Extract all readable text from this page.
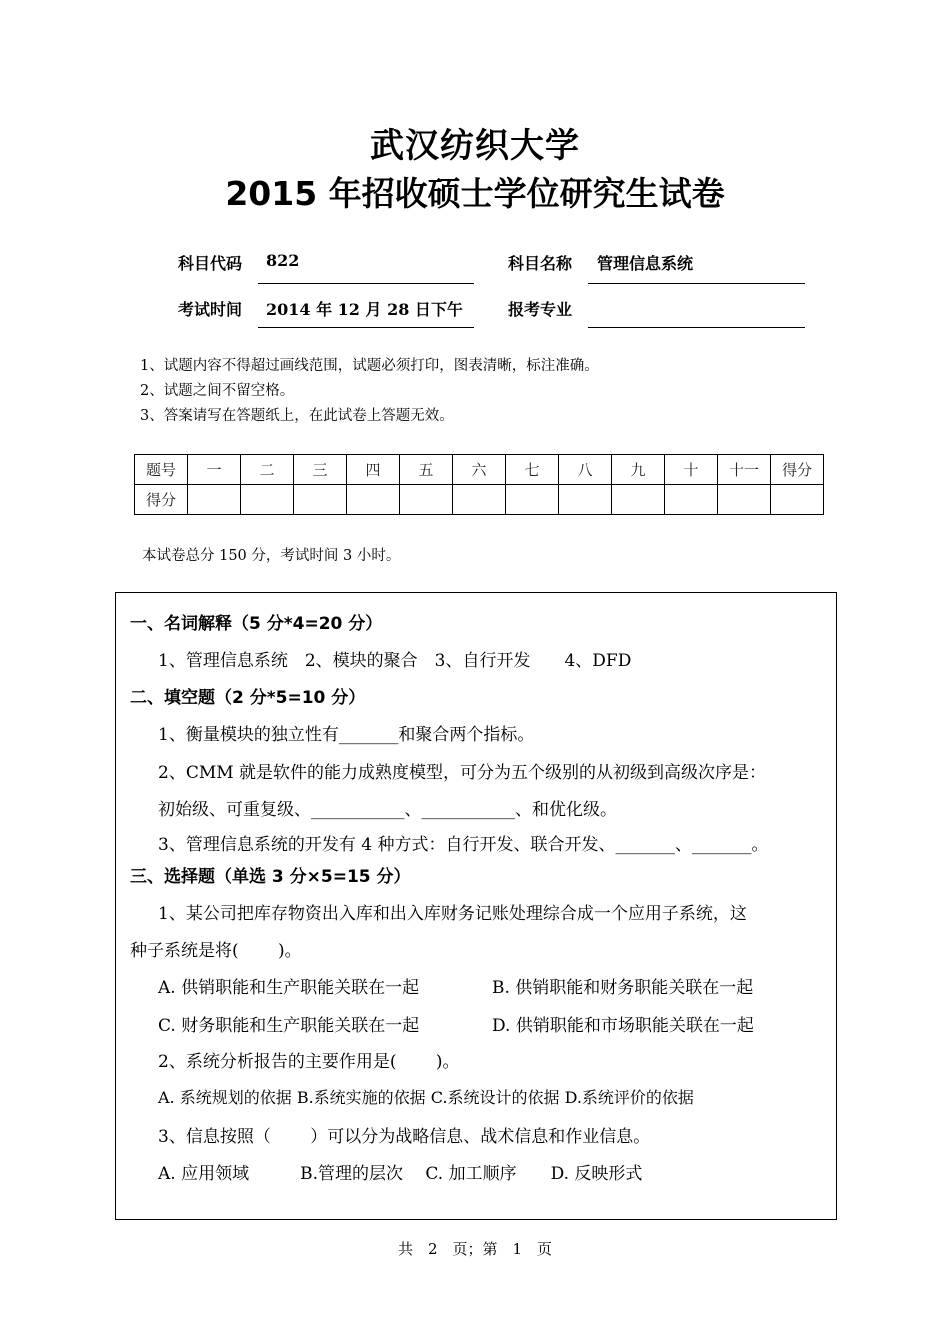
武汉纺织大学
2015 年招收硕士学位研究生试卷
科目代码 822	科目名称 管理信息系统
考试时间 2014 年 12 月 28 日下午	报考专业
1、试题内容不得超过画线范围，试题必须打印，图表清晰，标注准确。
2、试题之间不留空格。
3、答案请写在答题纸上，在此试卷上答题无效。
题号	一	二	三	四	五	六	七	八	九	十	十一	得分
得分												
本试卷总分 150 分，考试时间 3 小时。
一、名词解释（5 分*4=20 分）
1、管理信息系统　2、模块的聚合　3、自行开发　　4、DFD
二、填空题（2 分*5=10 分）
1、衡量模块的独立性有_______和聚合两个指标。
2、CMM 就是软件的能力成熟度模型，可分为五个级别的从初级到高级次序是：
初始级、可重复级、___________、___________、和优化级。
3、管理信息系统的开发有 4 种方式：自行开发、联合开发、_______、_______。
三、选择题（单选 3 分×5=15 分）
1、某公司把库存物资出入库和出入库财务记账处理综合成一个应用子系统，这
种子系统是将(　　 )。
A. 供销职能和生产职能关联在一起	B. 供销职能和财务职能关联在一起
C. 财务职能和生产职能关联在一起	D. 供销职能和市场职能关联在一起
2、系统分析报告的主要作用是(　　 )。
A. 系统规划的依据 B.系统实施的依据 C.系统设计的依据 D.系统评价的依据
3、信息按照（　　 ）可以分为战略信息、战术信息和作业信息。
A. 应用领域　　　B.管理的层次　 C. 加工顺序　　D. 反映形式
共　2　页；第　1　页
